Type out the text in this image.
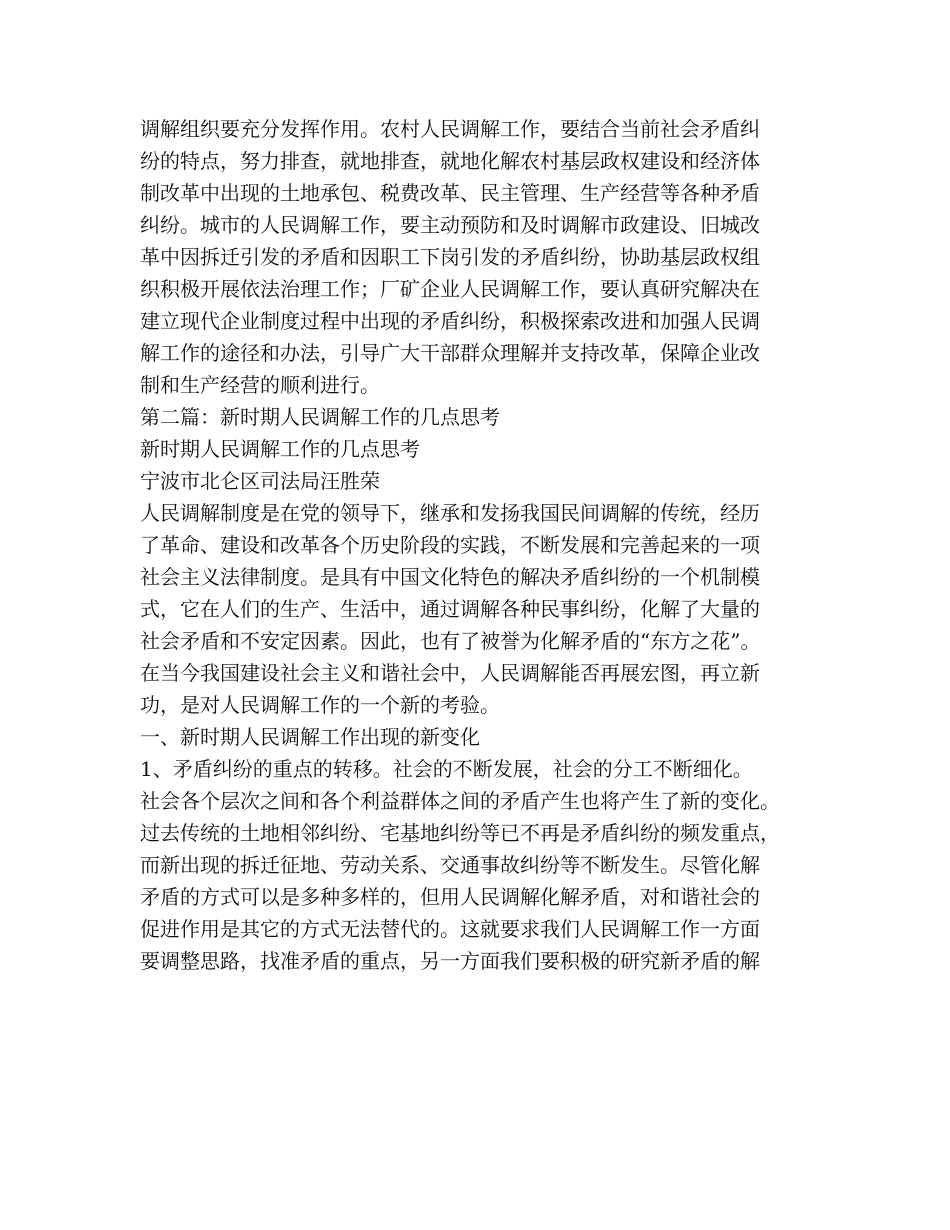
调解组织要充分发挥作用。农村人民调解工作，要结合当前社会矛盾纠
纷的特点，努力排查，就地排查，就地化解农村基层政权建设和经济体
制改革中出现的土地承包、税费改革、民主管理、生产经营等各种矛盾
纠纷。城市的人民调解工作，要主动预防和及时调解市政建设、旧城改
革中因拆迁引发的矛盾和因职工下岗引发的矛盾纠纷，协助基层政权组
织积极开展依法治理工作；厂矿企业人民调解工作，要认真研究解决在
建立现代企业制度过程中出现的矛盾纠纷，积极探索改进和加强人民调
解工作的途径和办法，引导广大干部群众理解并支持改革，保障企业改
制和生产经营的顺利进行。
第二篇：新时期人民调解工作的几点思考
新时期人民调解工作的几点思考
宁波市北仑区司法局汪胜荣
人民调解制度是在党的领导下，继承和发扬我国民间调解的传统，经历
了革命、建设和改革各个历史阶段的实践，不断发展和完善起来的一项
社会主义法律制度。是具有中国文化特色的解决矛盾纠纷的一个机制模
式，它在人们的生产、生活中，通过调解各种民事纠纷，化解了大量的
社会矛盾和不安定因素。因此，也有了被誉为化解矛盾的“东方之花”。
在当今我国建设社会主义和谐社会中，人民调解能否再展宏图，再立新
功，是对人民调解工作的一个新的考验。
一、新时期人民调解工作出现的新变化
1、矛盾纠纷的重点的转移。社会的不断发展，社会的分工不断细化。
社会各个层次之间和各个利益群体之间的矛盾产生也将产生了新的变化。
过去传统的土地相邻纠纷、宅基地纠纷等已不再是矛盾纠纷的频发重点，
而新出现的拆迁征地、劳动关系、交通事故纠纷等不断发生。尽管化解
矛盾的方式可以是多种多样的，但用人民调解化解矛盾，对和谐社会的
促进作用是其它的方式无法替代的。这就要求我们人民调解工作一方面
要调整思路，找准矛盾的重点，另一方面我们要积极的研究新矛盾的解
